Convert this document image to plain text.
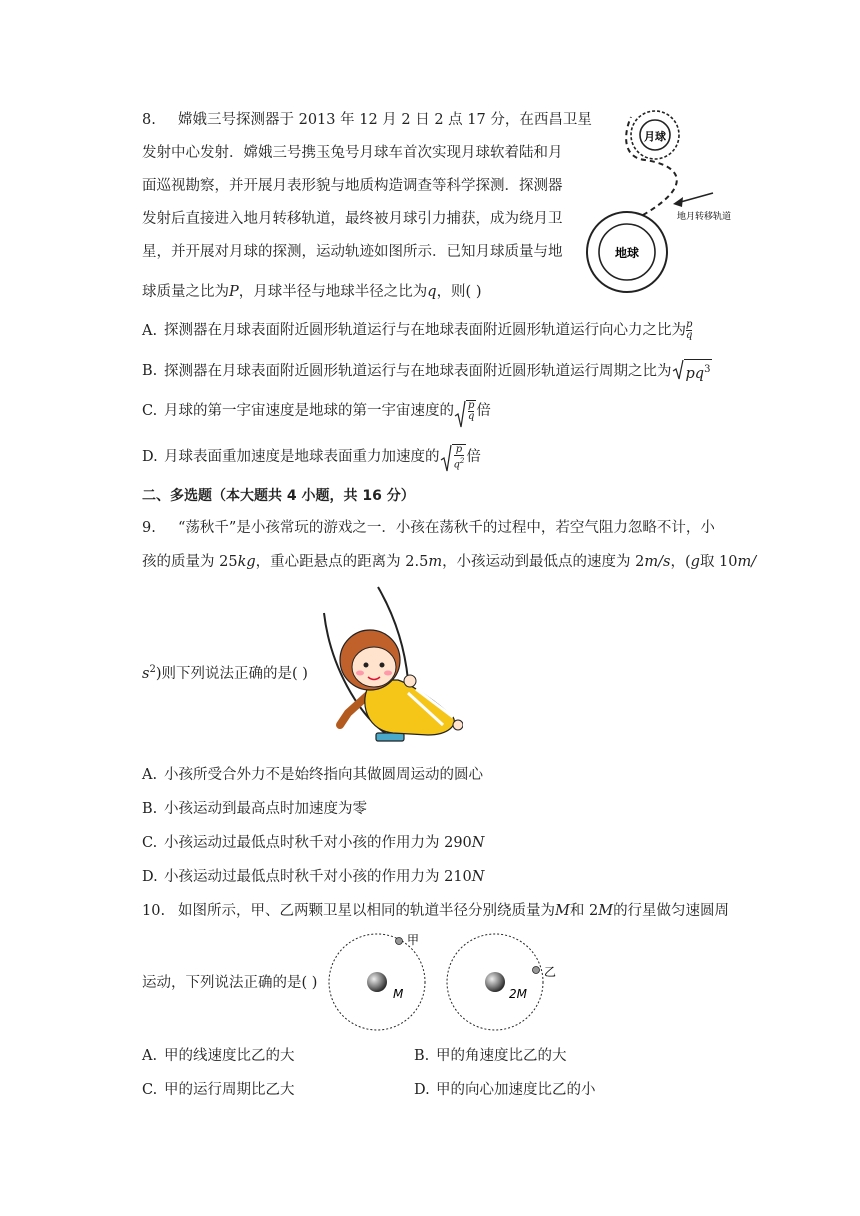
8. 嫦娥三号探测器于 2013 年 12 月 2 日 2 点 17 分，在西昌卫星
发射中心发射．嫦娥三号携玉兔号月球车首次实现月球软着陆和月
面巡视勘察，并开展月表形貌与地质构造调查等科学探测．探测器
发射后直接进入地月转移轨道，最终被月球引力捕获，成为绕月卫
星，并开展对月球的探测，运动轨迹如图所示．已知月球质量与地
球质量之比为P，月球半径与地球半径之比为q，则( )
地球
月球
地月转移轨道
A. 探测器在月球表面附近圆形轨道运行与在地球表面附近圆形轨道运行向心力之比为 $\frac{p}{q}$
B. 探测器在月球表面附近圆形轨道运行与在地球表面附近圆形轨道运行周期之比为 $pq^3$
C. 月球的第一宇宙速度是地球的第一宇宙速度的 $\frac{p}{q}$ 倍
D. 月球表面重加速度是地球表面重力加速度的 $\frac{p}{q^2}$ 倍
二、多选题（本大题共 4 小题，共 16 分）
9. “荡秋千”是小孩常玩的游戏之一．小孩在荡秋千的过程中，若空气阻力忽略不计，小
孩的质量为 25kg，重心距悬点的距离为 2.5m，小孩运动到最低点的速度为 2m/s，(g取 10m/
$s^2$)则下列说法正确的是( )
A. 小孩所受合外力不是始终指向其做圆周运动的圆心
B. 小孩运动到最高点时加速度为零
C. 小孩运动过最低点时秋千对小孩的作用力为 290N
D. 小孩运动过最低点时秋千对小孩的作用力为 210N
10. 如图所示，甲、乙两颗卫星以相同的轨道半径分别绕质量为M和 2M的行星做匀速圆周
运动，下列说法正确的是( )
M
甲
2M
乙
A. 甲的线速度比乙的大	B. 甲的角速度比乙的大
C. 甲的运行周期比乙大	D. 甲的向心加速度比乙的小
